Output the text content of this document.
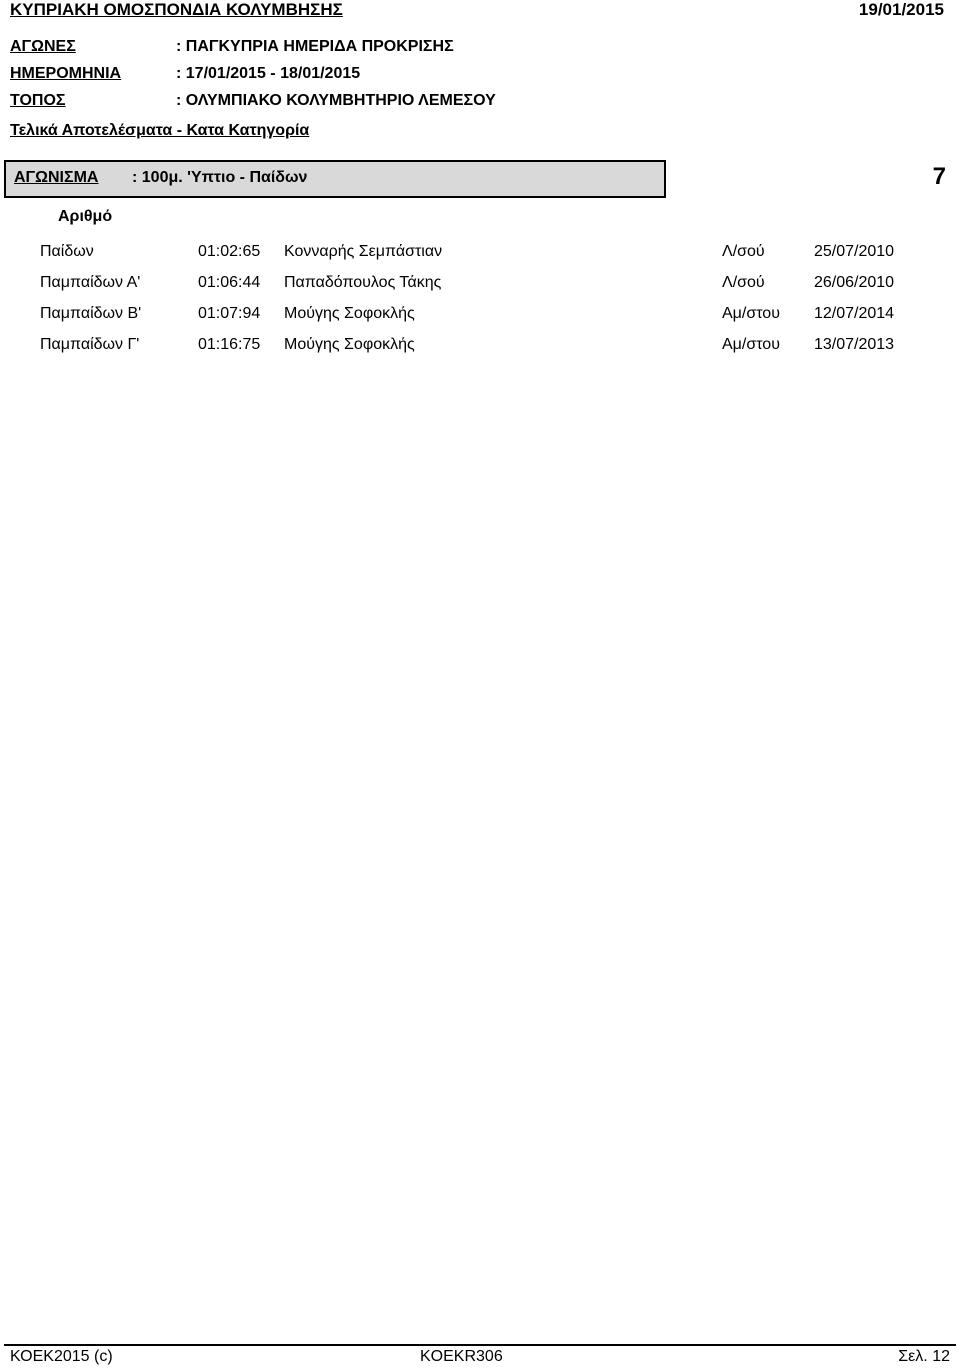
ΚΥΠΡΙΑΚΗ ΟΜΟΣΠΟΝΔΙΑ ΚΟΛΥΜΒΗΣΗΣ	19/01/2015
ΑΓΩΝΕΣ	: ΠΑΓΚΥΠΡΙΑ ΗΜΕΡΙΔΑ ΠΡΟΚΡΙΣΗΣ
ΗΜΕΡΟΜΗΝΙΑ	: 17/01/2015 - 18/01/2015
ΤΟΠΟΣ	: ΟΛΥΜΠΙΑΚΟ ΚΟΛΥΜΒΗΤΗΡΙΟ ΛΕΜΕΣΟΥ
Τελικά Αποτελέσματα - Κατα Κατηγορία
ΑΓΩΝΙΣΜΑ : 100μ. 'Υπτιο - Παίδων	7
Αριθμό
Παίδων	01:02:65	Κονναρής Σεμπάστιαν	Λ/σού	25/07/2010
Παμπαίδων Α'	01:06:44	Παπαδόπουλος Τάκης	Λ/σού	26/06/2010
Παμπαίδων Β'	01:07:94	Μούγης Σοφοκλής	Αμ/στου	12/07/2014
Παμπαίδων Γ'	01:16:75	Μούγης Σοφοκλής	Αμ/στου	13/07/2013
ΚΟΕΚ2015 (c)	KOEKR306	Σελ. 12
